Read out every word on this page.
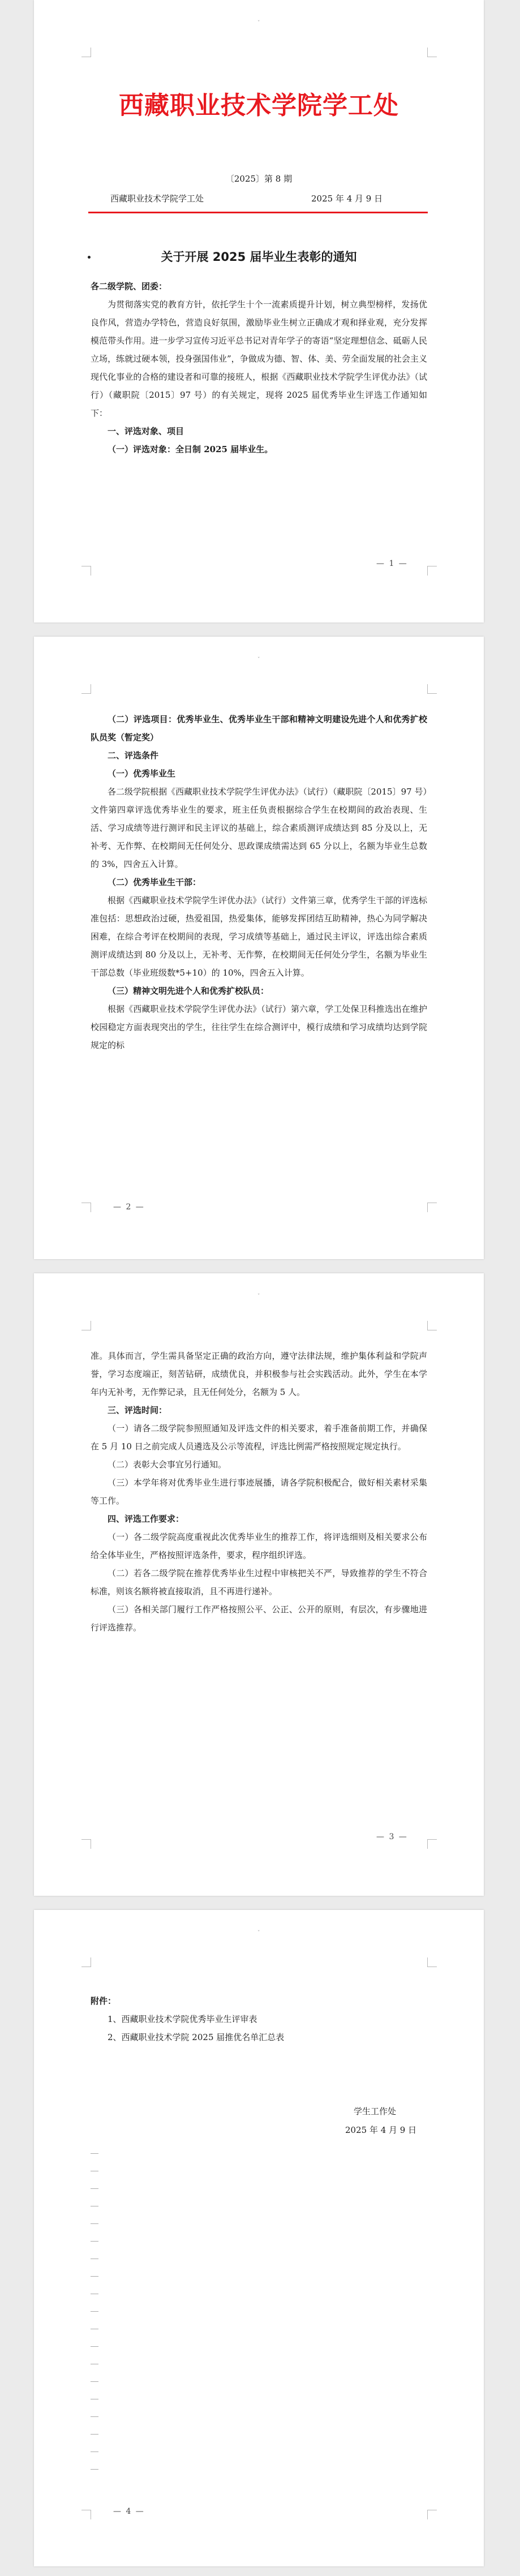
ˇ
西藏职业技术学院学工处
〔2025〕第 8 期
西藏职业技术学院学工处	2025 年 4 月 9 日
关于开展 2025 届毕业生表彰的通知

各二级学院、团委：

为贯彻落实党的教育方针，依托学生十个一流素质提升计划，树立典型榜样，发扬优良作风，营造办学特色，营造良好氛围，激励毕业生树立正确成才观和择业观，充分发挥模范带头作用。进一步学习宣传习近平总书记对青年学子的寄语“坚定理想信念、砥砺人民立场，练就过硬本领，投身强国伟业”，争做成为德、智、体、美、劳全面发展的社会主义现代化事业的合格的建设者和可靠的接班人，根据《西藏职业技术学院学生评优办法》（试行）（藏职院〔2015〕97 号）的有关规定，现将 2025 届优秀毕业生评选工作通知如下：

一、评选对象、项目

（一）评选对象：全日制 2025 届毕业生。

— 1 —
ˇ

（二）评选项目：优秀毕业生、优秀毕业生干部和精神文明建设先进个人和优秀扩校队员奖（暂定奖）

二、评选条件

（一）优秀毕业生

各二级学院根据《西藏职业技术学院学生评优办法》（试行）（藏职院〔2015〕97 号）文件第四章评选优秀毕业生的要求，班主任负责根据综合学生在校期间的政治表现、生活、学习成绩等进行测评和民主评议的基础上，综合素质测评成绩达到 85 分及以上，无补考、无作弊、在校期间无任何处分、思政课成绩需达到 65 分以上，名额为毕业生总数的 3%，四舍五入计算。

（二）优秀毕业生干部：

根据《西藏职业技术学院学生评优办法》（试行）文件第三章，优秀学生干部的评选标准包括：思想政治过硬，热爱祖国，热爱集体，能够发挥团结互助精神，热心为同学解决困难，在综合考评在校期间的表现，学习成绩等基础上，通过民主评议，评选出综合素质测评成绩达到 80 分及以上，无补考、无作弊，在校期间无任何处分学生，名额为毕业生干部总数（毕业班级数*5+10）的 10%，四舍五入计算。

（三）精神文明先进个人和优秀扩校队员：

根据《西藏职业技术学院学生评优办法》（试行）第六章，学工处保卫科推选出在维护校园稳定方面表现突出的学生，往往学生在综合测评中，模行成绩和学习成绩均达到学院规定的标

— 2 —
ˇ

准。具体而言，学生需具备坚定正确的政治方向，遵守法律法规，维护集体利益和学院声誉，学习态度端正，刻苦钻研，成绩优良，并积极参与社会实践活动。此外，学生在本学年内无补考，无作弊记录，且无任何处分，名额为 5 人。

三、评选时间：

（一）请各二级学院参照照通知及评选文件的相关要求，着手准备前期工作，并确保在 5 月 10 日之前完成人员遴选及公示等流程，评选比例需严格按照规定规定执行。

（二）表彰大会事宜另行通知。

（三）本学年将对优秀毕业生进行事迹展播，请各学院积极配合，做好相关素材采集等工作。

四、评选工作要求：

（一）各二级学院高度重视此次优秀毕业生的推荐工作，将评选细则及相关要求公布给全体毕业生，严格按照评选条件，要求，程序组织评选。

（二）若各二级学院在推荐优秀毕业生过程中审核把关不严，导致推荐的学生不符合标准，则该名额将被直接取消，且不再进行递补。

（三）各相关部门履行工作严格按照公平、公正、公开的原则，有层次，有步骤地进行评选推荐。

— 3 —
ˇ

附件：

1、西藏职业技术学院优秀毕业生评审表

2、西藏职业技术学院 2025 届推优名单汇总表

学生工作处
2025 年 4 月 9 日
— 4 —
